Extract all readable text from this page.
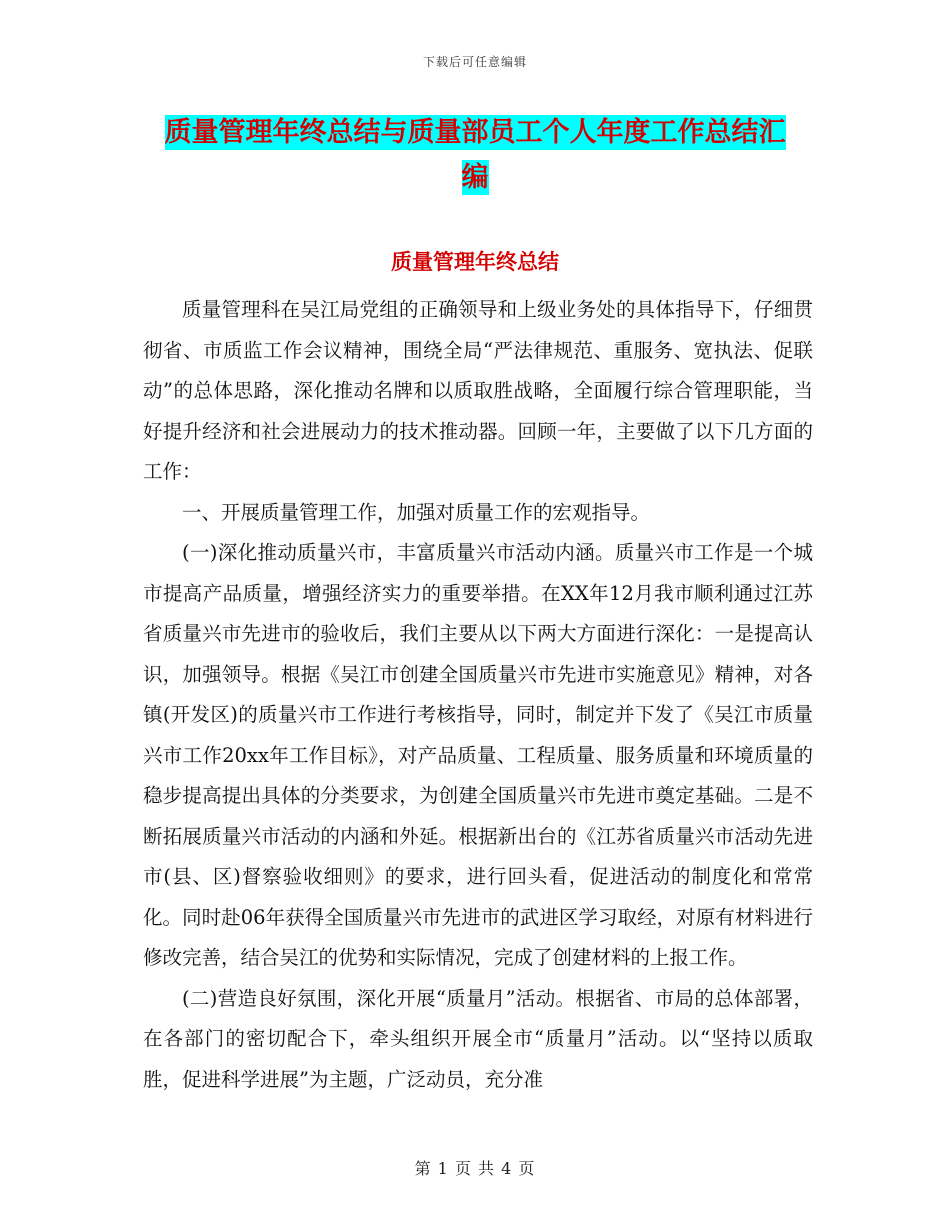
下载后可任意编辑
质量管理年终总结与质量部员工个人年度工作总结汇
编
质量管理年终总结

质量管理科在吴江局党组的正确领导和上级业务处的具体指导下，仔细贯彻省、市质监工作会议精神，围绕全局“严法律规范、重服务、宽执法、促联动”的总体思路，深化推动名牌和以质取胜战略，全面履行综合管理职能，当好提升经济和社会进展动力的技术推动器。回顾一年，主要做了以下几方面的工作：

一、开展质量管理工作，加强对质量工作的宏观指导。

(一)深化推动质量兴市，丰富质量兴市活动内涵。质量兴市工作是一个城市提高产品质量，增强经济实力的重要举措。在XX年12月我市顺利通过江苏省质量兴市先进市的验收后，我们主要从以下两大方面进行深化：一是提高认识，加强领导。根据《吴江市创建全国质量兴市先进市实施意见》精神，对各镇(开发区)的质量兴市工作进行考核指导，同时，制定并下发了《吴江市质量兴市工作20xx年工作目标》，对产品质量、工程质量、服务质量和环境质量的稳步提高提出具体的分类要求，为创建全国质量兴市先进市奠定基础。二是不断拓展质量兴市活动的内涵和外延。根据新出台的《江苏省质量兴市活动先进市(县、区)督察验收细则》的要求，进行回头看，促进活动的制度化和常常化。同时赴06年获得全国质量兴市先进市的武进区学习取经，对原有材料进行修改完善，结合吴江的优势和实际情况，完成了创建材料的上报工作。

(二)营造良好氛围，深化开展“质量月”活动。根据省、市局的总体部署，在各部门的密切配合下，牵头组织开展全市“质量月”活动。以“坚持以质取胜，促进科学进展”为主题，广泛动员，充分准

第 1 页 共 4 页
